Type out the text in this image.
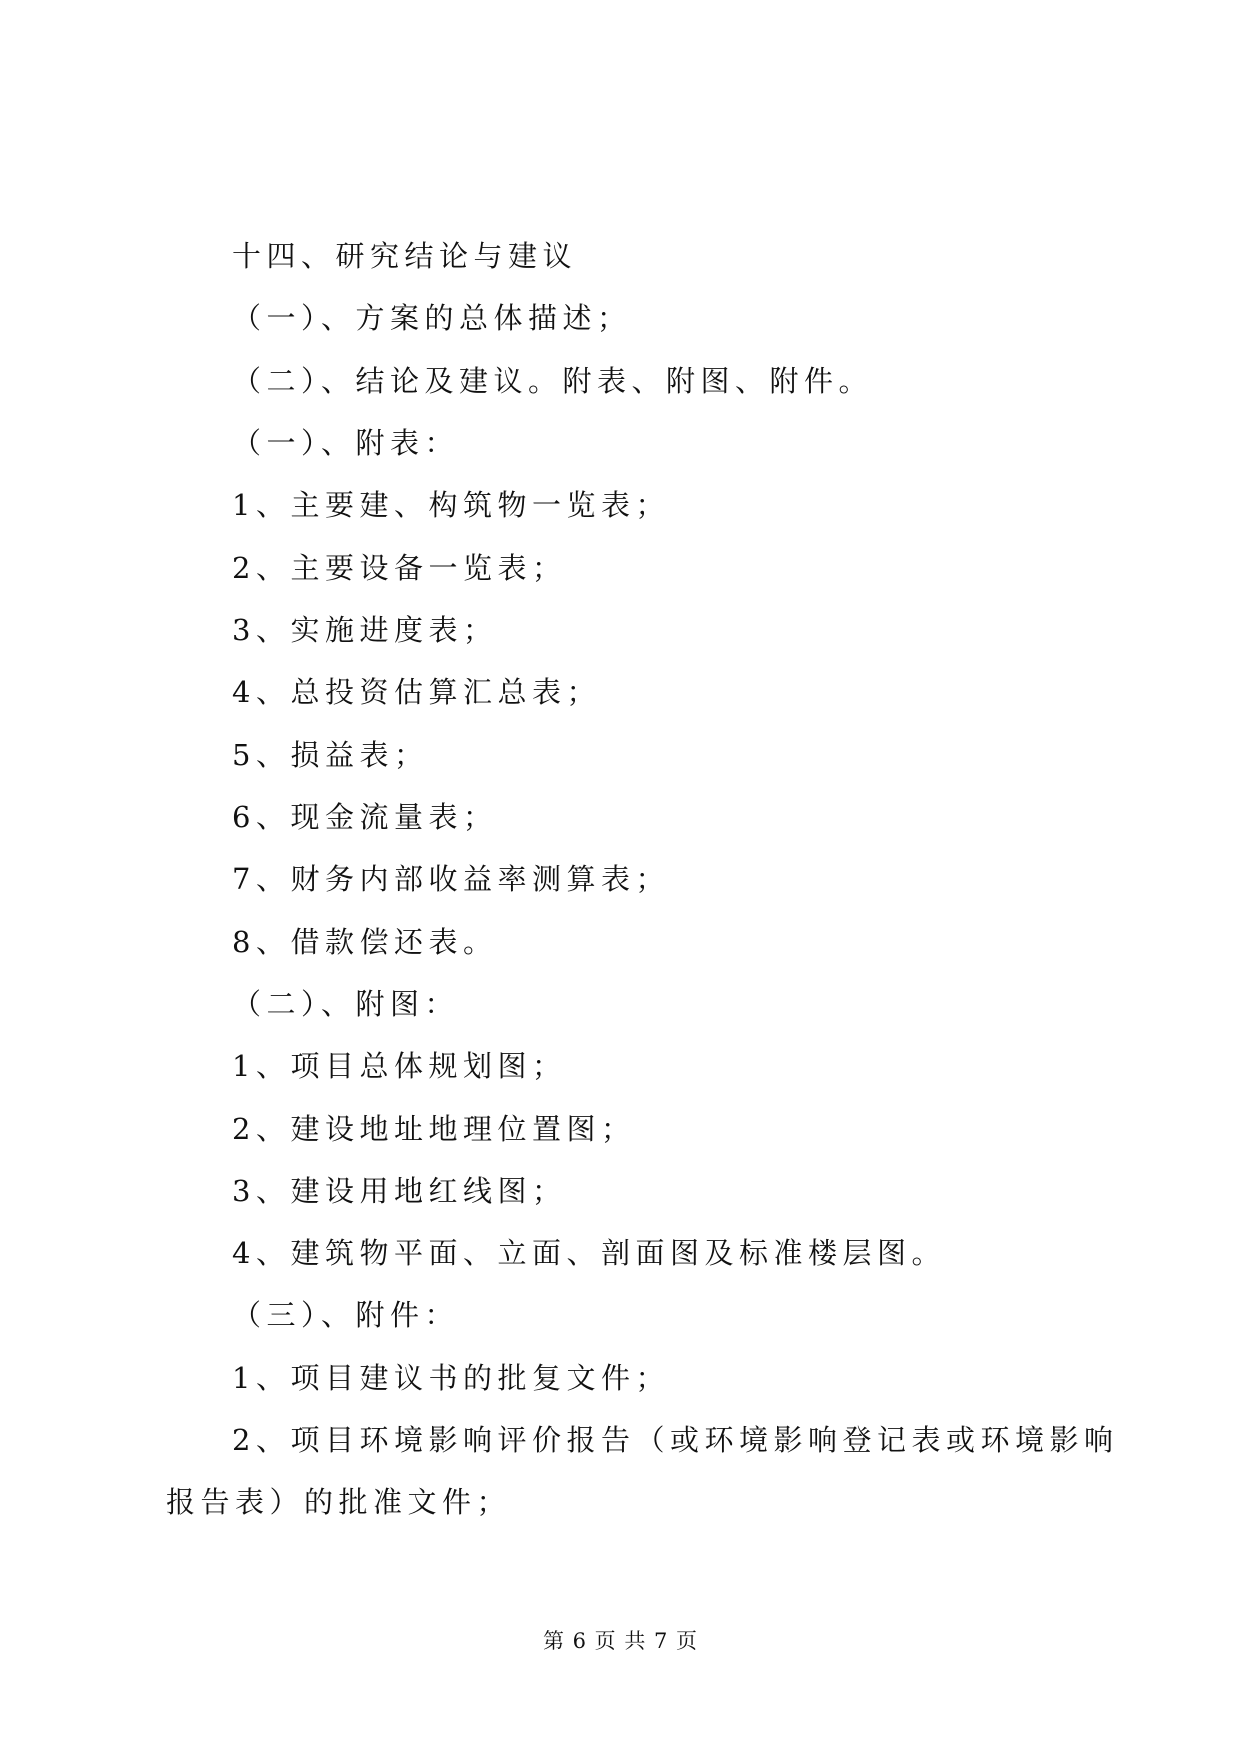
十四、研究结论与建议
（一）、方案的总体描述；
（二）、结论及建议。附表、附图、附件。
（一）、附表：
1、主要建、构筑物一览表；
2、主要设备一览表；
3、实施进度表；
4、总投资估算汇总表；
5、损益表；
6、现金流量表；
7、财务内部收益率测算表；
8、借款偿还表。
（二）、附图：
1、项目总体规划图；
2、建设地址地理位置图；
3、建设用地红线图；
4、建筑物平面、立面、剖面图及标准楼层图。
（三）、附件：
1、项目建议书的批复文件；
2、项目环境影响评价报告（或环境影响登记表或环境影响
报告表）的批准文件；
第 6 页 共 7 页
